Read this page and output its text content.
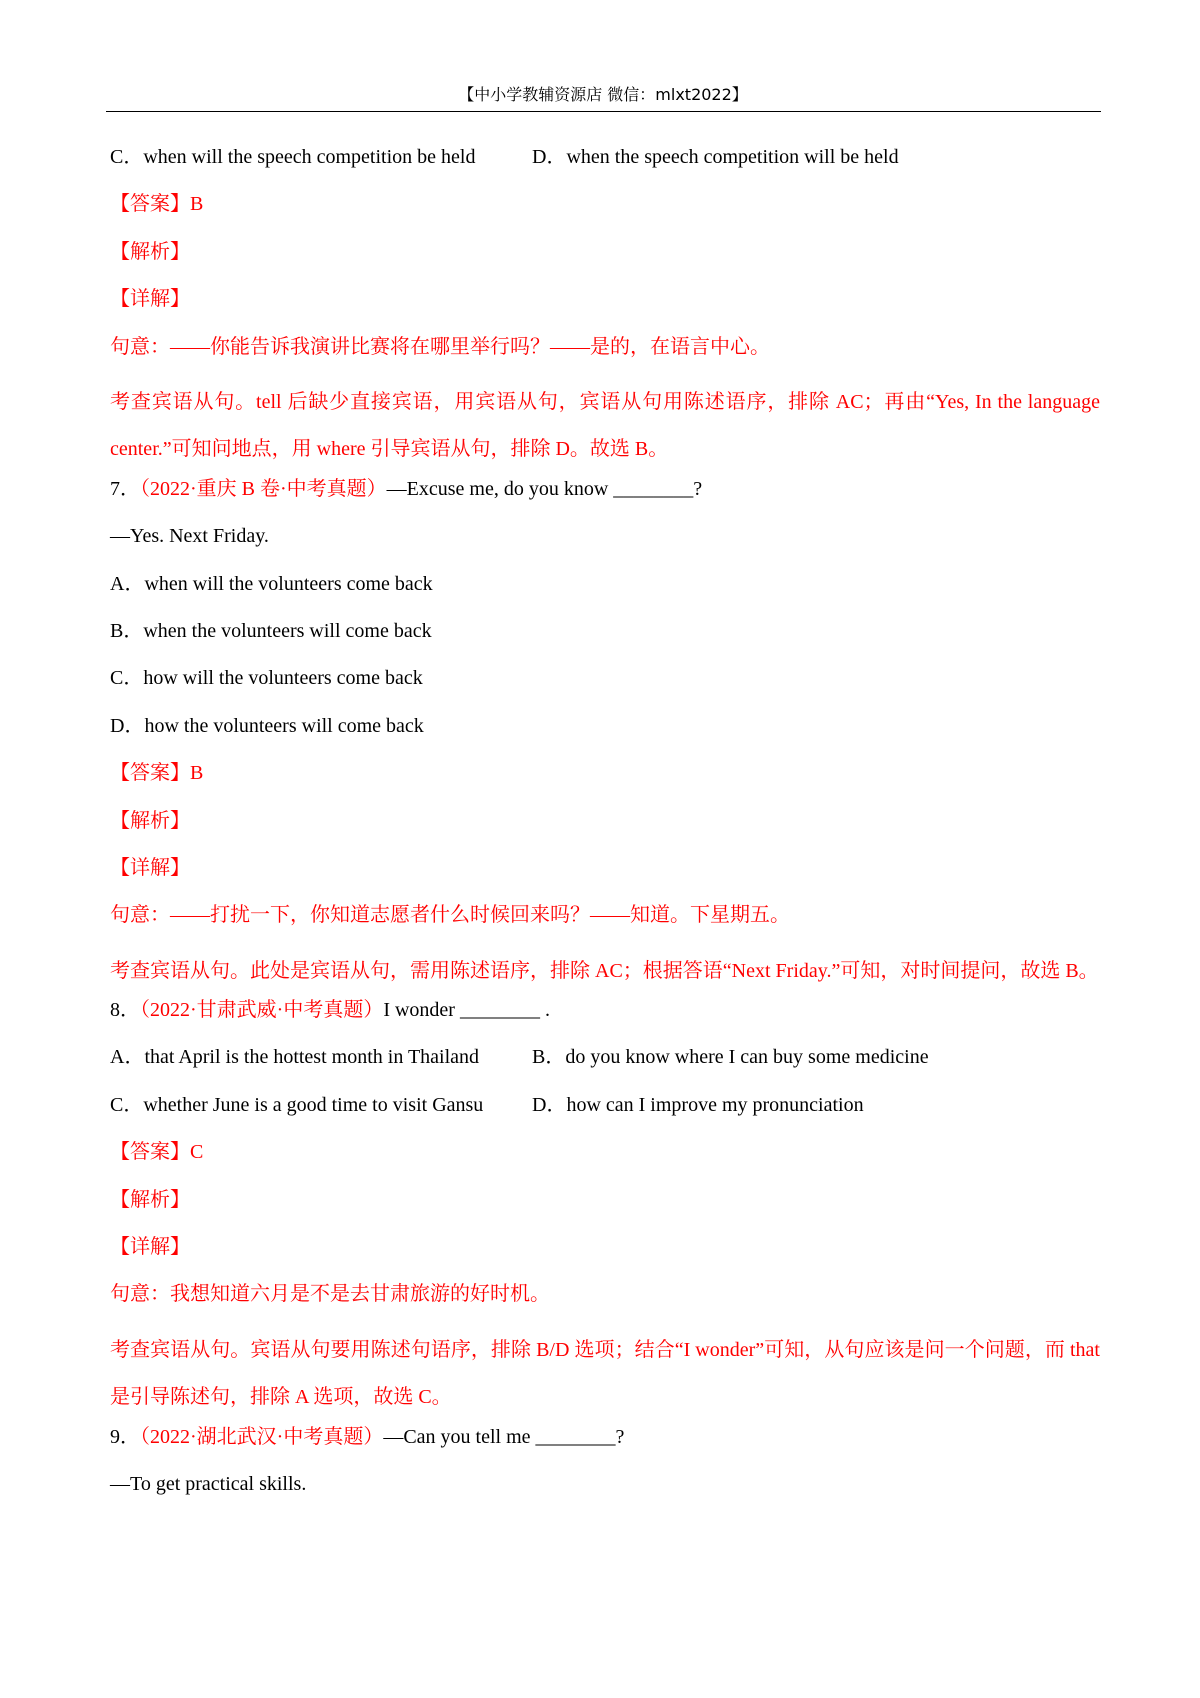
【中小学教辅资源店 微信：mlxt2022】
C．when will the speech competition be held	D．when the speech competition will be held
【答案】B
【解析】
【详解】
句意：——你能告诉我演讲比赛将在哪里举行吗？——是的，在语言中心。
考查宾语从句。tell 后缺少直接宾语，用宾语从句，宾语从句用陈述语序，排除 AC；再由“Yes, In the language center.”可知问地点，用 where 引导宾语从句，排除 D。故选 B。
7．（2022·重庆 B 卷·中考真题）—Excuse me, do you know ________?
—Yes. Next Friday.
A．when will the volunteers come back
B．when the volunteers will come back
C．how will the volunteers come back
D．how the volunteers will come back
【答案】B
【解析】
【详解】
句意：——打扰一下，你知道志愿者什么时候回来吗？——知道。下星期五。
考查宾语从句。此处是宾语从句，需用陈述语序，排除 AC；根据答语“Next Friday.”可知，对时间提问，故选 B。
8．（2022·甘肃武威·中考真题）I wonder ________ .
A．that April is the hottest month in Thailand	B．do you know where I can buy some medicine
C．whether June is a good time to visit Gansu	D．how can I improve my pronunciation
【答案】C
【解析】
【详解】
句意：我想知道六月是不是去甘肃旅游的好时机。
考查宾语从句。宾语从句要用陈述句语序，排除 B/D 选项；结合“I wonder”可知，从句应该是问一个问题，而 that 是引导陈述句，排除 A 选项，故选 C。
9．（2022·湖北武汉·中考真题）—Can you tell me ________?
—To get practical skills.
